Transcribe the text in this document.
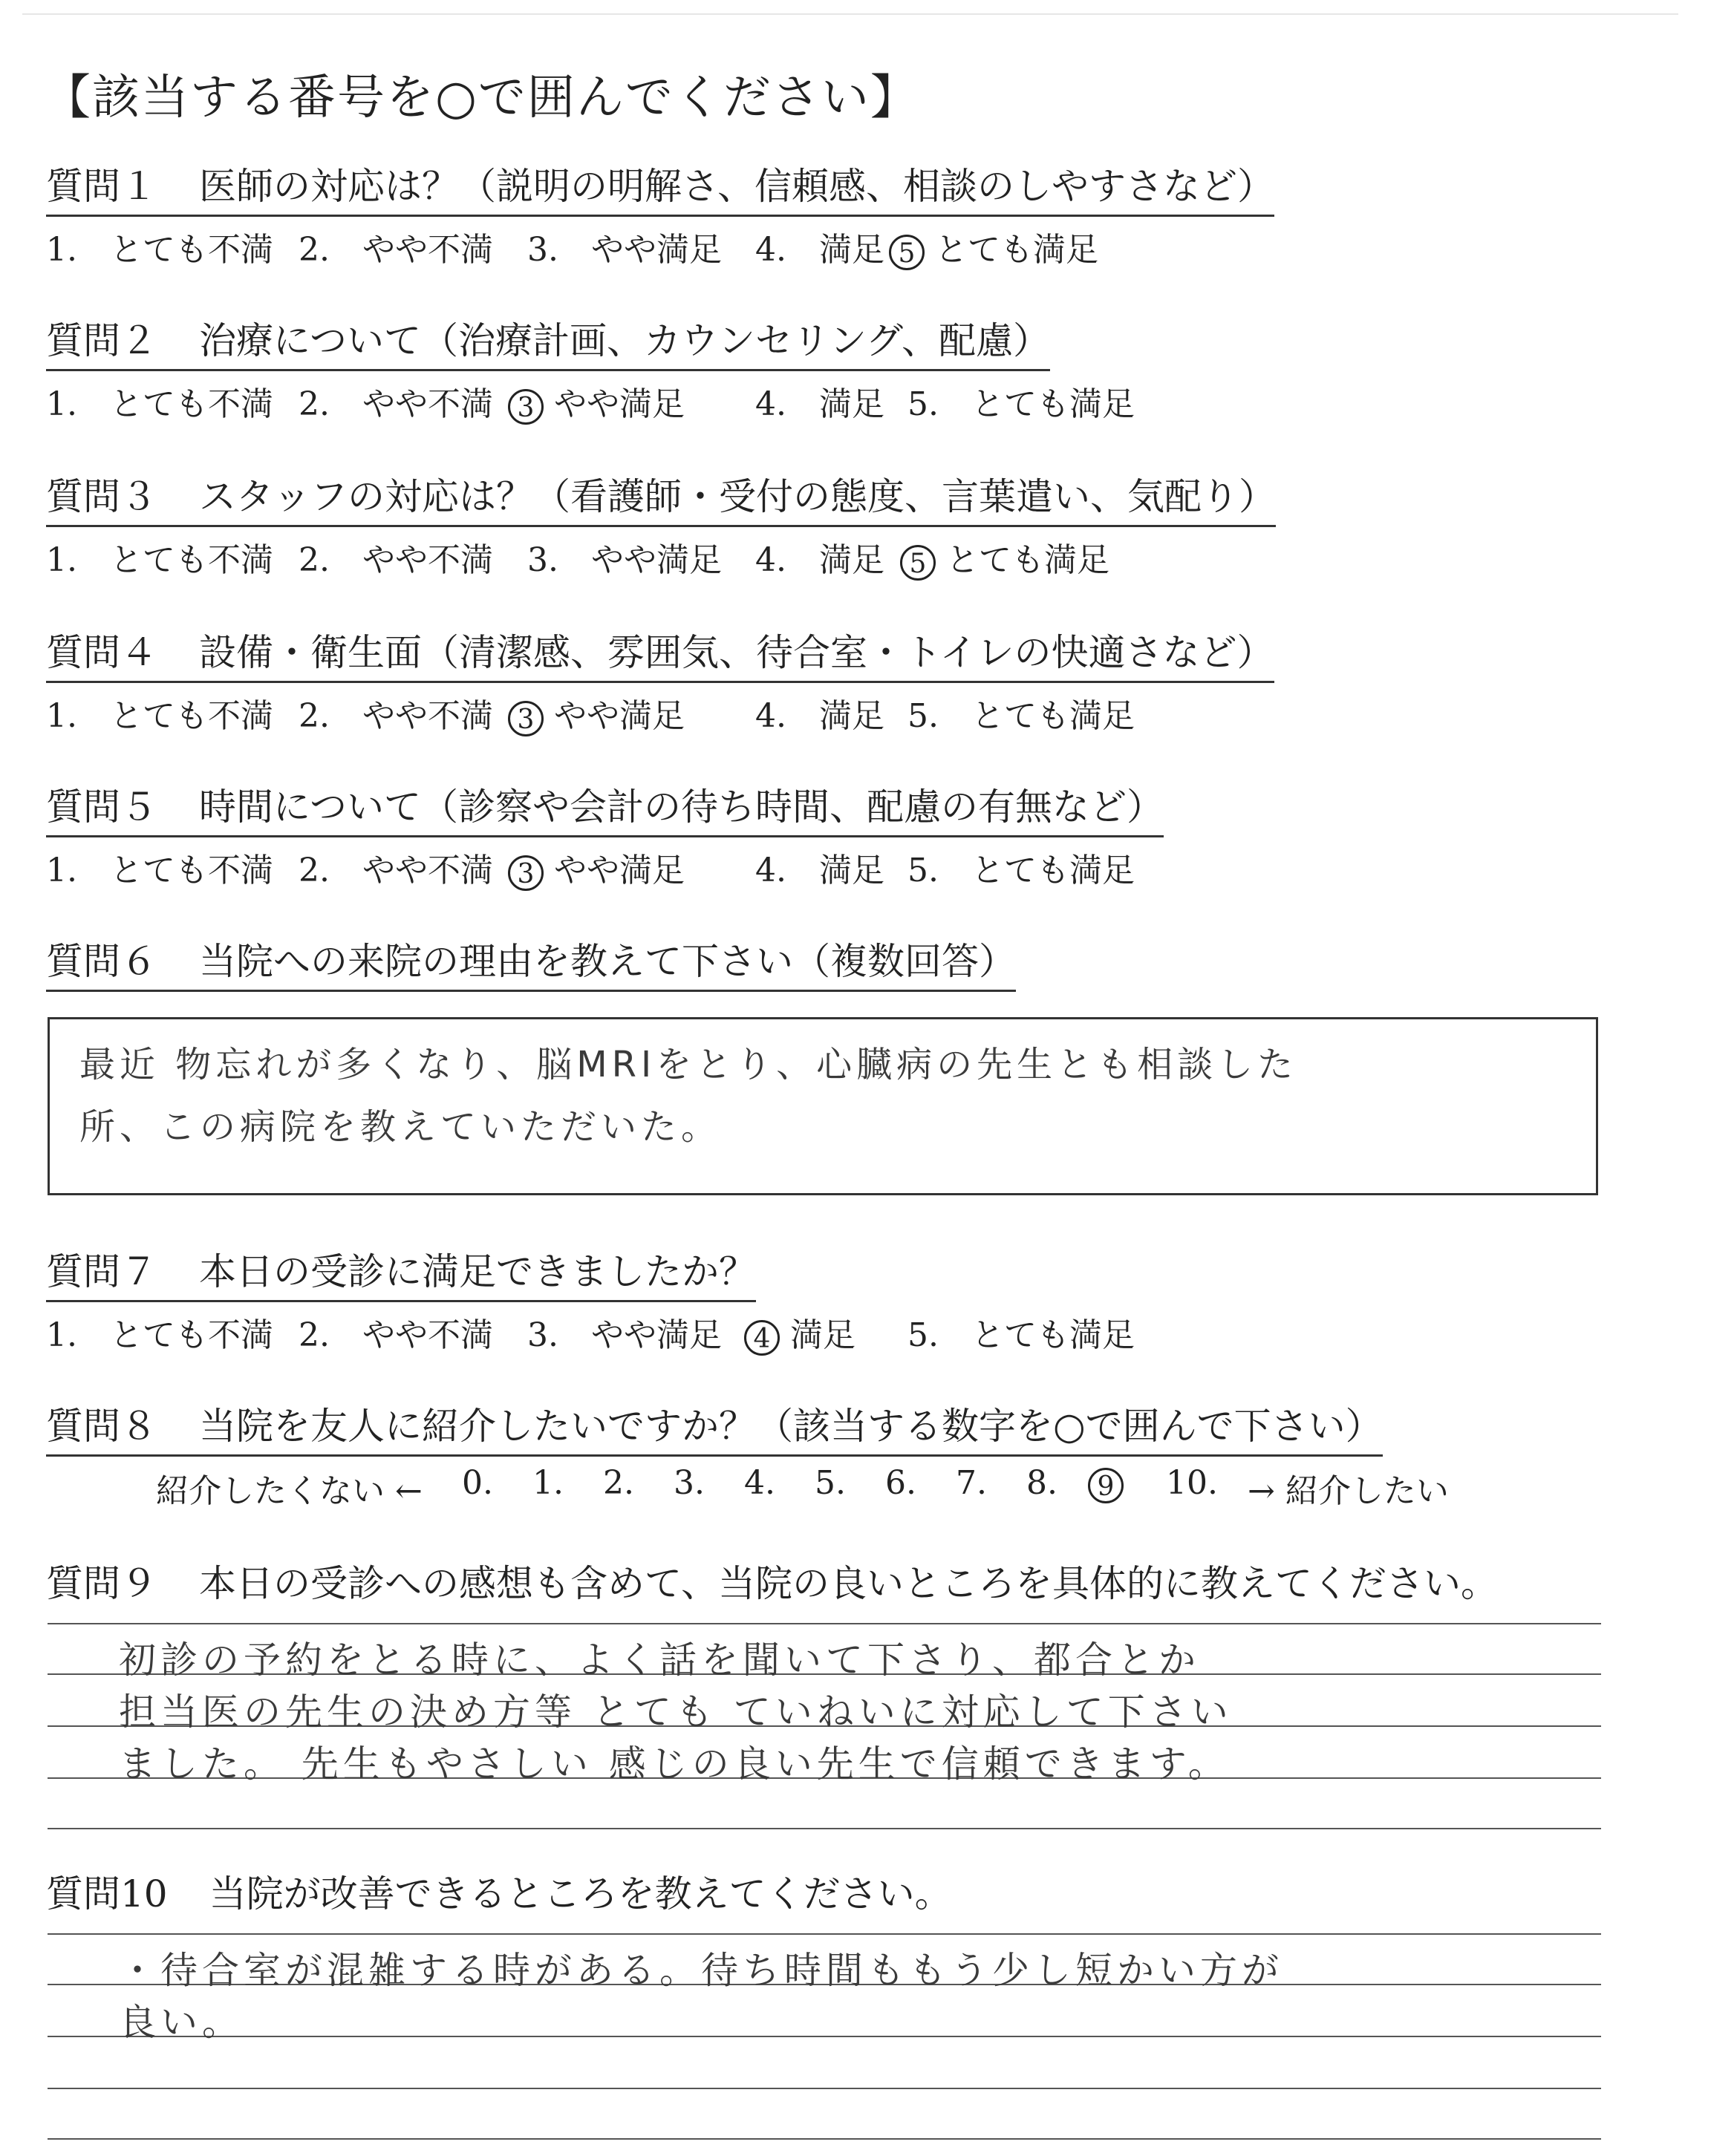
【該当する番号を○で囲んでください】
質問１ 医師の対応は？（説明の明解さ、信頼感、相談のしやすさなど）
1.　とても不満 2.　やや不満 3.　やや満足 4.　満足 5 とても満足
質問２ 治療について（治療計画、カウンセリング、配慮）
1.　とても不満 2.　やや不満 3 やや満足 4.　満足 5.　とても満足
質問３ スタッフの対応は？（看護師・受付の態度、言葉遣い、気配り）
1.　とても不満 2.　やや不満 3.　やや満足 4.　満足 5 とても満足
質問４ 設備・衛生面（清潔感、雰囲気、待合室・トイレの快適さなど）
1.　とても不満 2.　やや不満 3 やや満足 4.　満足 5.　とても満足
質問５ 時間について（診察や会計の待ち時間、配慮の有無など）
1.　とても不満 2.　やや不満 3 やや満足 4.　満足 5.　とても満足
質問６ 当院への来院の理由を教えて下さい（複数回答）
最近 物忘れが多くなり、脳MRIをとり、心臓病の先生とも相談した
所、この病院を教えていただいた。
質問７ 本日の受診に満足できましたか？
1.　とても不満 2.　やや不満 3.　やや満足	4 満足 5.　とても満足
質問８ 当院を友人に紹介したいですか？（該当する数字を○で囲んで下さい）
紹介したくない ← 0. 1. 2. 3. 4. 5. 6. 7. 8.	9	10. → 紹介したい
質問９ 本日の受診への感想も含めて、当院の良いところを具体的に教えてください。
初診の予約をとる時に、よく話を聞いて下さり、都合とか
担当医の先生の決め方等 とても ていねいに対応して下さい
ました。 先生もやさしい 感じの良い先生で信頼できます。
質問10 当院が改善できるところを教えてください。
・待合室が混雑する時がある。待ち時間ももう少し短かい方が
良い。
